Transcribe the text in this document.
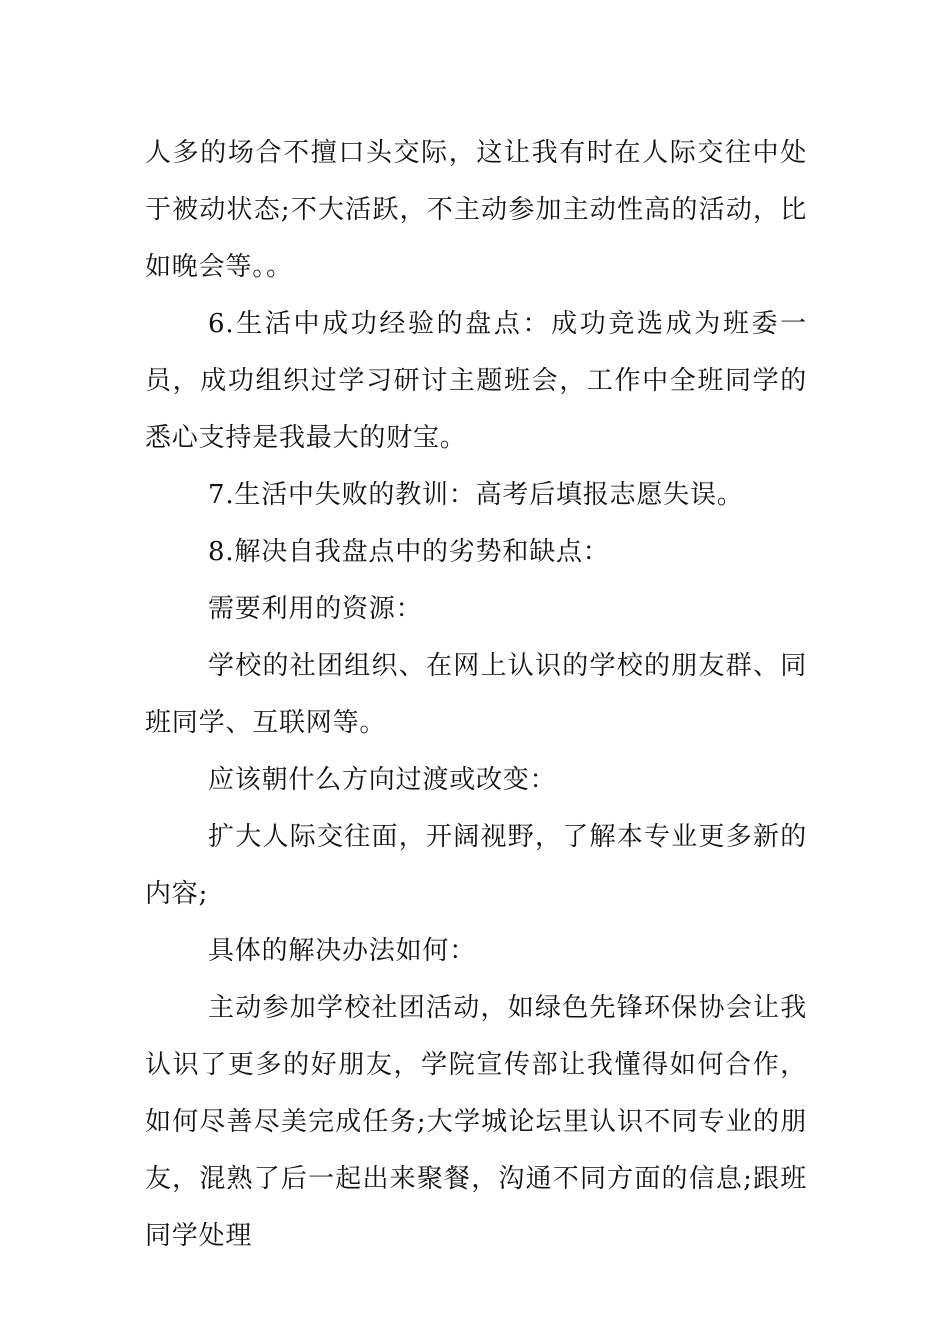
人多的场合不擅口头交际，这让我有时在人际交往中处于被动状态;不大活跃，不主动参加主动性高的活动，比如晚会等。。

6.生活中成功经验的盘点：成功竞选成为班委一员，成功组织过学习研讨主题班会，工作中全班同学的悉心支持是我最大的财宝。

7.生活中失败的教训：高考后填报志愿失误。

8.解决自我盘点中的劣势和缺点：

需要利用的资源：

学校的社团组织、在网上认识的学校的朋友群、同班同学、互联网等。

应该朝什么方向过渡或改变：

扩大人际交往面，开阔视野，了解本专业更多新的内容;

具体的解决办法如何：

主动参加学校社团活动，如绿色先锋环保协会让我认识了更多的好朋友，学院宣传部让我懂得如何合作，如何尽善尽美完成任务;大学城论坛里认识不同专业的朋友，混熟了后一起出来聚餐，沟通不同方面的信息;跟班同学处理
